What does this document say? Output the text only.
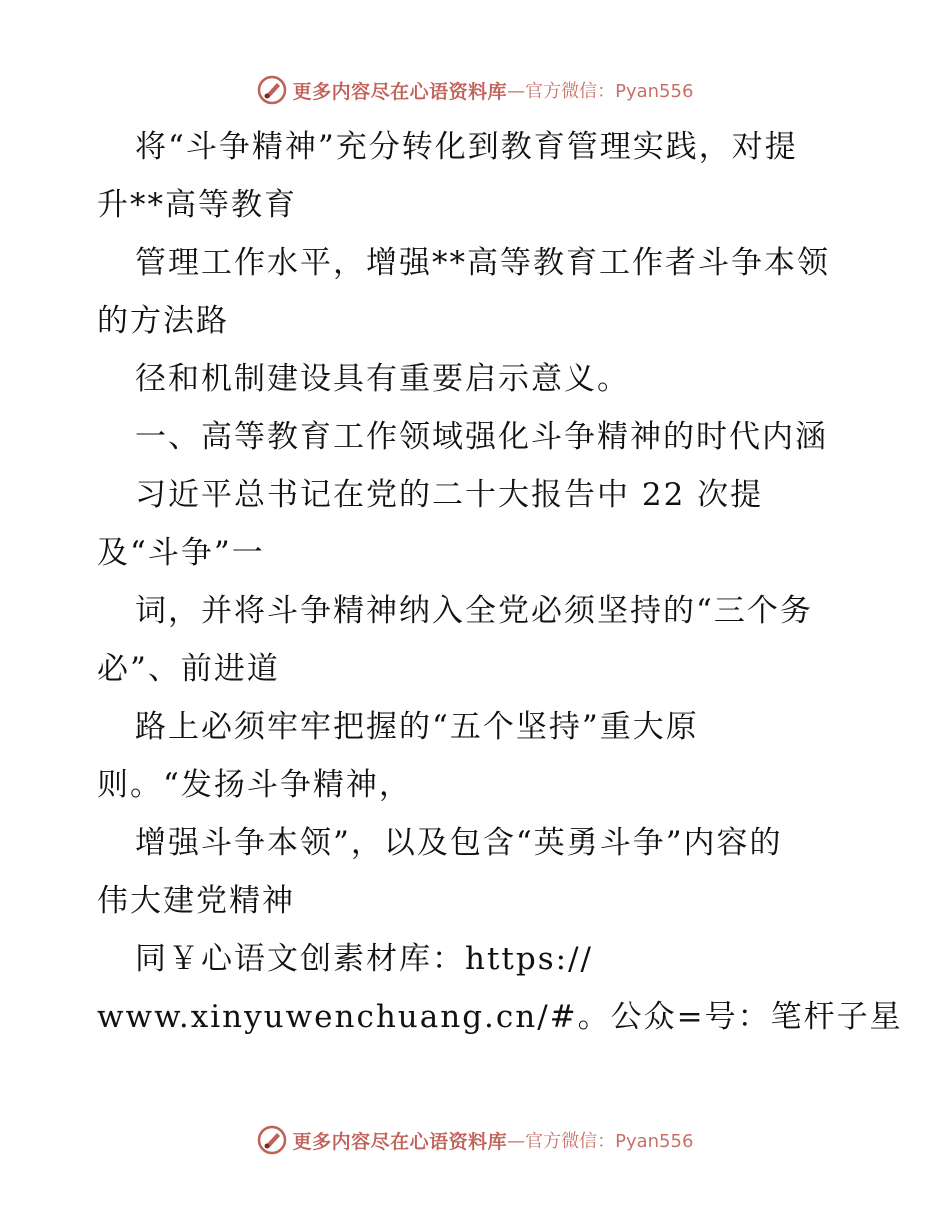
更多内容尽在心语资料库 —官方微信：Pyan556
将“斗争精神”充分转化到教育管理实践，对提
升**高等教育
管理工作水平，增强**高等教育工作者斗争本领
的方法路
径和机制建设具有重要启示意义。
一、高等教育工作领域强化斗争精神的时代内涵
习近平总书记在党的二十大报告中 22 次提
及“斗争”一
词，并将斗争精神纳入全党必须坚持的“三个务
必”、前进道
路上必须牢牢把握的“五个坚持”重大原
则。“发扬斗争精神，
增强斗争本领”，以及包含“英勇斗争”内容的
伟大建党精神
同￥心语文创素材库：https://
www.xinyuwenchuang.cn/#。公众=号：笔杆子星
更多内容尽在心语资料库 —官方微信：Pyan556
